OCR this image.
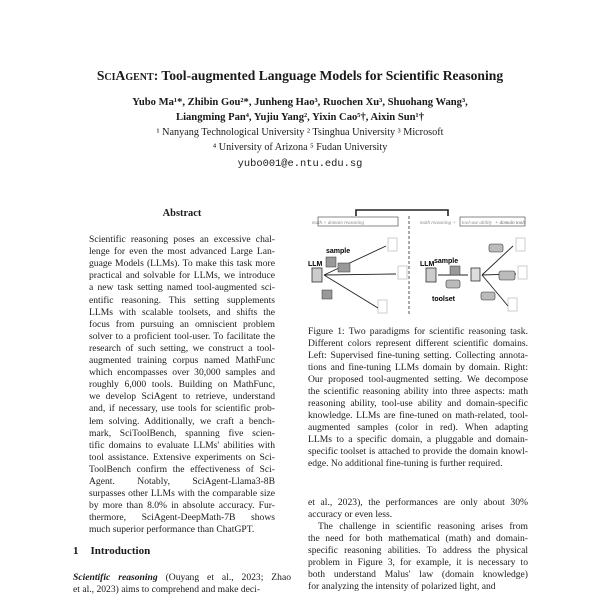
SciAgent: Tool-augmented Language Models for Scientific Reasoning
Yubo Ma¹*, Zhibin Gou²*, Junheng Hao³, Ruochen Xu³, Shuohang Wang³,
Liangming Pan⁴, Yujiu Yang², Yixin Cao⁵†, Aixin Sun¹†
¹ Nanyang Technological University ² Tsinghua University ³ Microsoft
⁴ University of Arizona ⁵ Fudan University
yubo001@e.ntu.edu.sg
Abstract
Scientific reasoning poses an excessive chal-
lenge for even the most advanced Large Lan-
guage Models (LLMs). To make this task more
practical and solvable for LLMs, we introduce
a new task setting named tool-augmented sci-
entific reasoning. This setting supplements
LLMs with scalable toolsets, and shifts the
focus from pursuing an omniscient problem
solver to a proficient tool-user. To facilitate the
research of such setting, we construct a tool-
augmented training corpus named MathFunc
which encompasses over 30,000 samples and
roughly 6,000 tools. Building on MathFunc,
we develop SciAgent to retrieve, understand
and, if necessary, use tools for scientific prob-
lem solving. Additionally, we craft a bench-
mark, SciToolBench, spanning five scien-
tific domains to evaluate LLMs' abilities with
tool assistance. Extensive experiments on Sci-
ToolBench confirm the effectiveness of Sci-
Agent. Notably, SciAgent-Llama3-8B
surpasses other LLMs with the comparable size
by more than 8.0% in absolute accuracy. Fur-
thermore, SciAgent-DeepMath-7B shows
much superior performance than ChatGPT.
1 Introduction
Scientific reasoning (Ouyang et al., 2023; Zhao
et al., 2023) aims to comprehend and make deci-
math + domain reasoning	math reasoning + tool-use ability + domain tools
sample
LLM	LLM sample
toolset
Figure 1: Two paradigms for scientific reasoning task.
Different colors represent different scientific domains.
Left: Supervised fine-tuning setting. Collecting annota-
tions and fine-tuning LLMs domain by domain. Right:
Our proposed tool-augmented setting. We decompose
the scientific reasoning ability into three aspects: math
reasoning ability, tool-use ability and domain-specific
knowledge. LLMs are fine-tuned on math-related, tool-
augmented samples (color in red). When adapting
LLMs to a specific domain, a pluggable and domain-
specific toolset is attached to provide the domain knowl-
edge. No additional fine-tuning is further required.
et al., 2023), the performances are only about 30%
accuracy or even less.
The challenge in scientific reasoning arises from
the need for both mathematical (math) and domain-
specific reasoning abilities. To address the physical
problem in Figure 3, for example, it is necessary to
both understand Malus' law (domain knowledge)
for analyzing the intensity of polarized light, and
